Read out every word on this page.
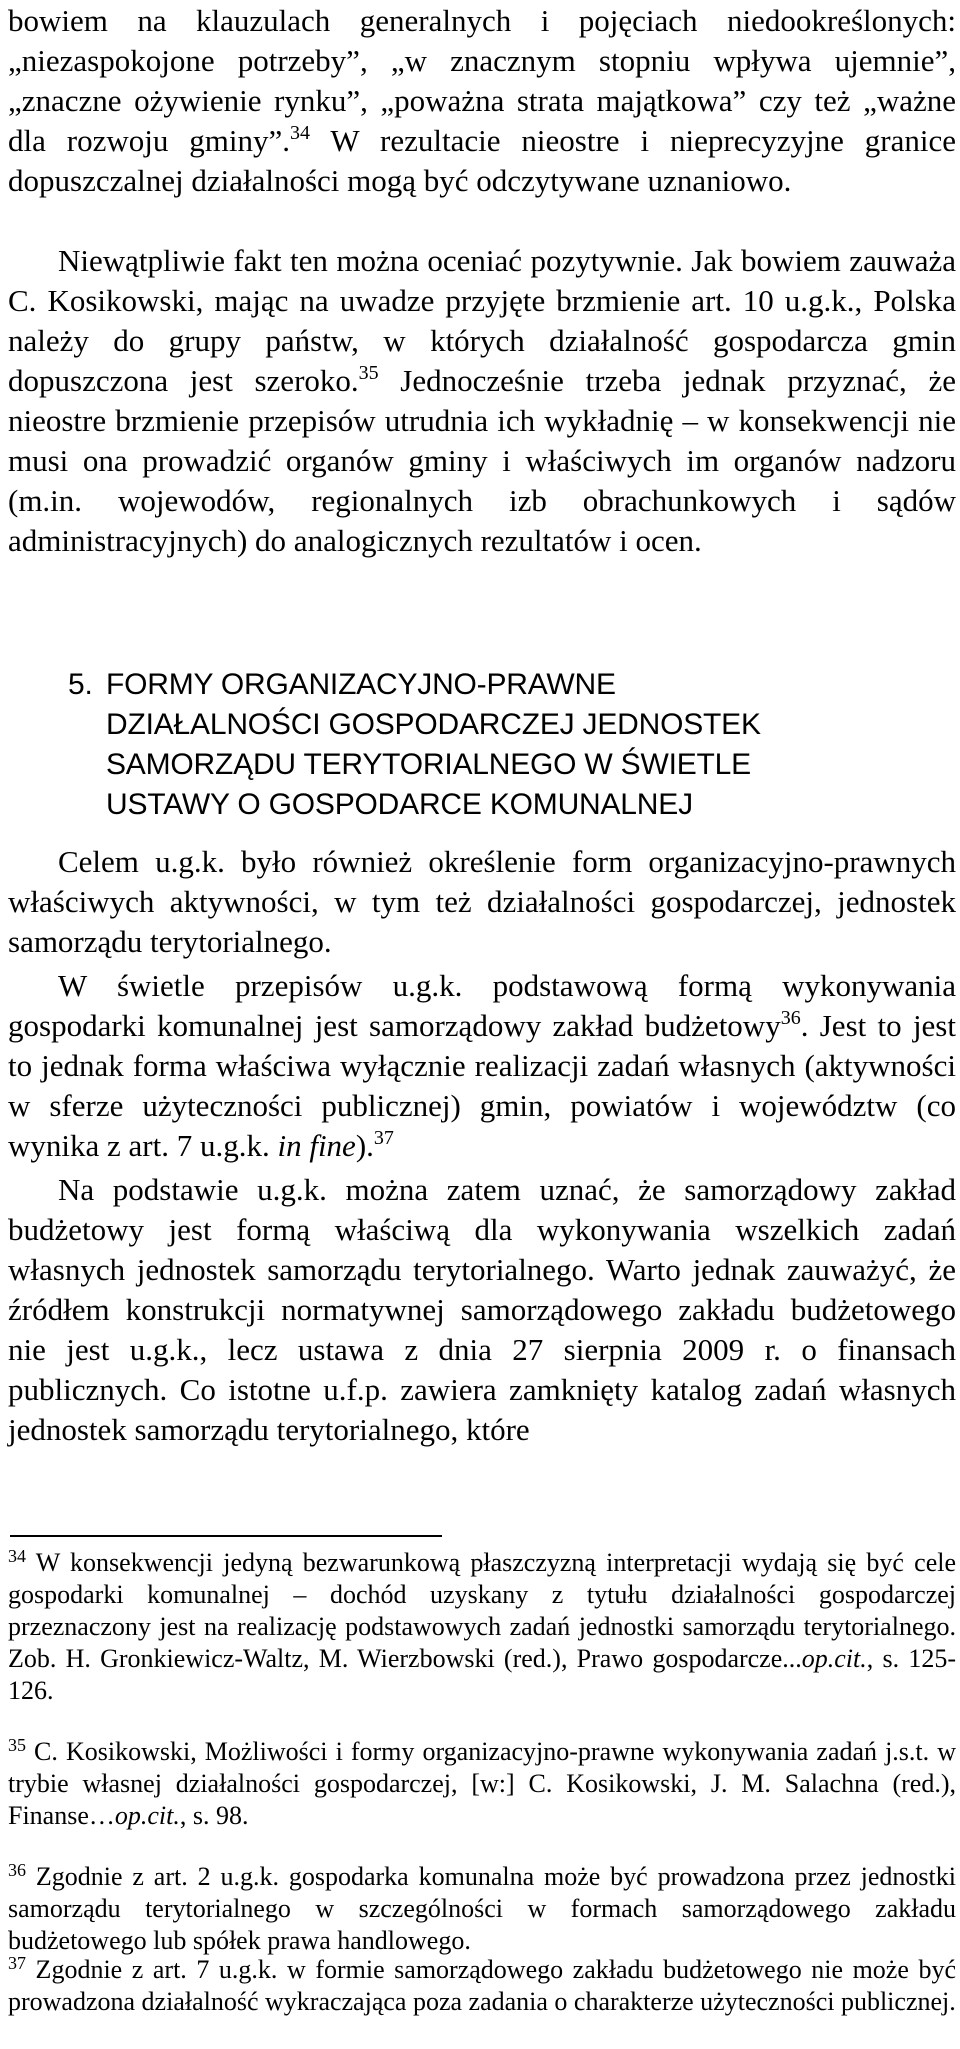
bowiem na klauzulach generalnych i pojęciach niedookreślonych: „niezaspokojone potrzeby”, „w znacznym stopniu wpływa ujemnie”, „znaczne ożywienie rynku”, „poważna strata majątkowa” czy też „ważne dla rozwoju gminy”.$^{34}$ W rezultacie nieostre i nieprecyzyjne granice dopuszczalnej działalności mogą być odczytywane uznaniowo.

Niewątpliwie fakt ten można oceniać pozytywnie. Jak bowiem zauważa C. Kosikowski, mając na uwadze przyjęte brzmienie art. 10 u.g.k., Polska należy do grupy państw, w których działalność gospodarcza gmin dopuszczona jest szeroko.$^{35}$ Jednocześnie trzeba jednak przyznać, że nieostre brzmienie przepisów utrudnia ich wykładnię – w konsekwencji nie musi ona prowadzić organów gminy i właściwych im organów nadzoru (m.in. wojewodów, regionalnych izb obrachunkowych i sądów administracyjnych) do analogicznych rezultatów i ocen.

5. FORMY ORGANIZACYJNO-PRAWNE
DZIAŁALNOŚCI GOSPODARCZEJ JEDNOSTEK
SAMORZĄDU TERYTORIALNEGO W ŚWIETLE
USTAWY O GOSPODARCE KOMUNALNEJ

Celem u.g.k. było również określenie form organizacyjno-prawnych właściwych aktywności, w tym też działalności gospodarczej, jednostek samorządu terytorialnego.

W świetle przepisów u.g.k. podstawową formą wykonywania gospodarki komunalnej jest samorządowy zakład budżetowy$^{36}$. Jest to jest to jednak forma właściwa wyłącznie realizacji zadań własnych (aktywności w sferze użyteczności publicznej) gmin, powiatów i województw (co wynika z art. 7 u.g.k. in fine).$^{37}$

Na podstawie u.g.k. można zatem uznać, że samorządowy zakład budżetowy jest formą właściwą dla wykonywania wszelkich zadań własnych jednostek samorządu terytorialnego. Warto jednak zauważyć, że źródłem konstrukcji normatywnej samorządowego zakładu budżetowego nie jest u.g.k., lecz ustawa z dnia 27 sierpnia 2009 r. o finansach publicznych. Co istotne u.f.p. zawiera zamknięty katalog zadań własnych jednostek samorządu terytorialnego, które

$^{34}$ W konsekwencji jedyną bezwarunkową płaszczyzną interpretacji wydają się być cele gospodarki komunalnej – dochód uzyskany z tytułu działalności gospodarczej przeznaczony jest na realizację podstawowych zadań jednostki samorządu terytorialnego. Zob. H. Gronkiewicz-Waltz, M. Wierzbowski (red.), Prawo gospodarcze...op.cit., s. 125-126.

$^{35}$ C. Kosikowski, Możliwości i formy organizacyjno-prawne wykonywania zadań j.s.t. w trybie własnej działalności gospodarczej, [w:] C. Kosikowski, J. M. Salachna (red.), Finanse…op.cit., s. 98.

$^{36}$ Zgodnie z art. 2 u.g.k. gospodarka komunalna może być prowadzona przez jednostki samorządu terytorialnego w szczególności w formach samorządowego zakładu budżetowego lub spółek prawa handlowego.

$^{37}$ Zgodnie z art. 7 u.g.k. w formie samorządowego zakładu budżetowego nie może być prowadzona działalność wykraczająca poza zadania o charakterze użyteczności publicznej.
